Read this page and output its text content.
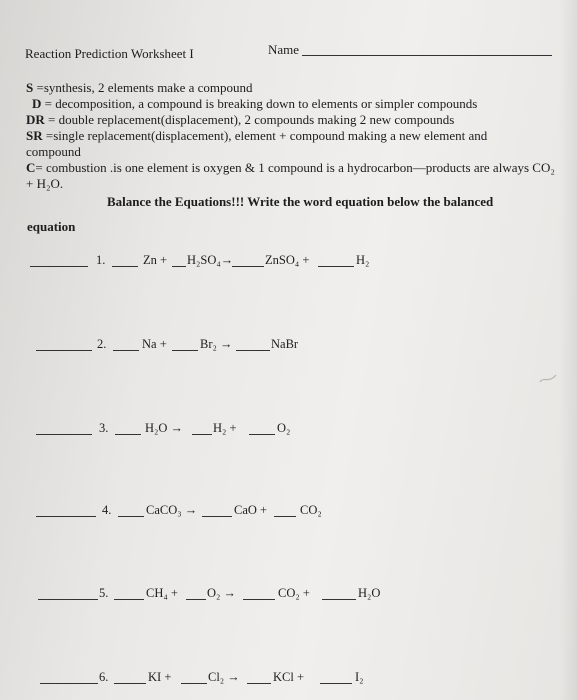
Reaction Prediction Worksheet I	Name
S =synthesis, 2 elements make a compound
D = decomposition, a compound is breaking down to elements or simpler compounds
DR = double replacement(displacement), 2 compounds making 2 new compounds
SR =single replacement(displacement), element + compound making a new element and compound
C= combustion .is one element is oxygen & 1 compound is a hydrocarbon—products are always CO₂ + H₂O.
Balance the Equations!!! Write the word equation below the balanced
equation
1.	Zn + H₂SO₄→	ZnSO₄ +	H₂
2.	Na +	Br₂ →	NaBr
3.	H₂O → H₂ +	O₂
4.	CaCO₃ →	CaO +	CO₂
5.	CH₄ + O₂ →	CO₂ +	H₂O
6.	KI +	Cl₂ →	KCl +	I₂
